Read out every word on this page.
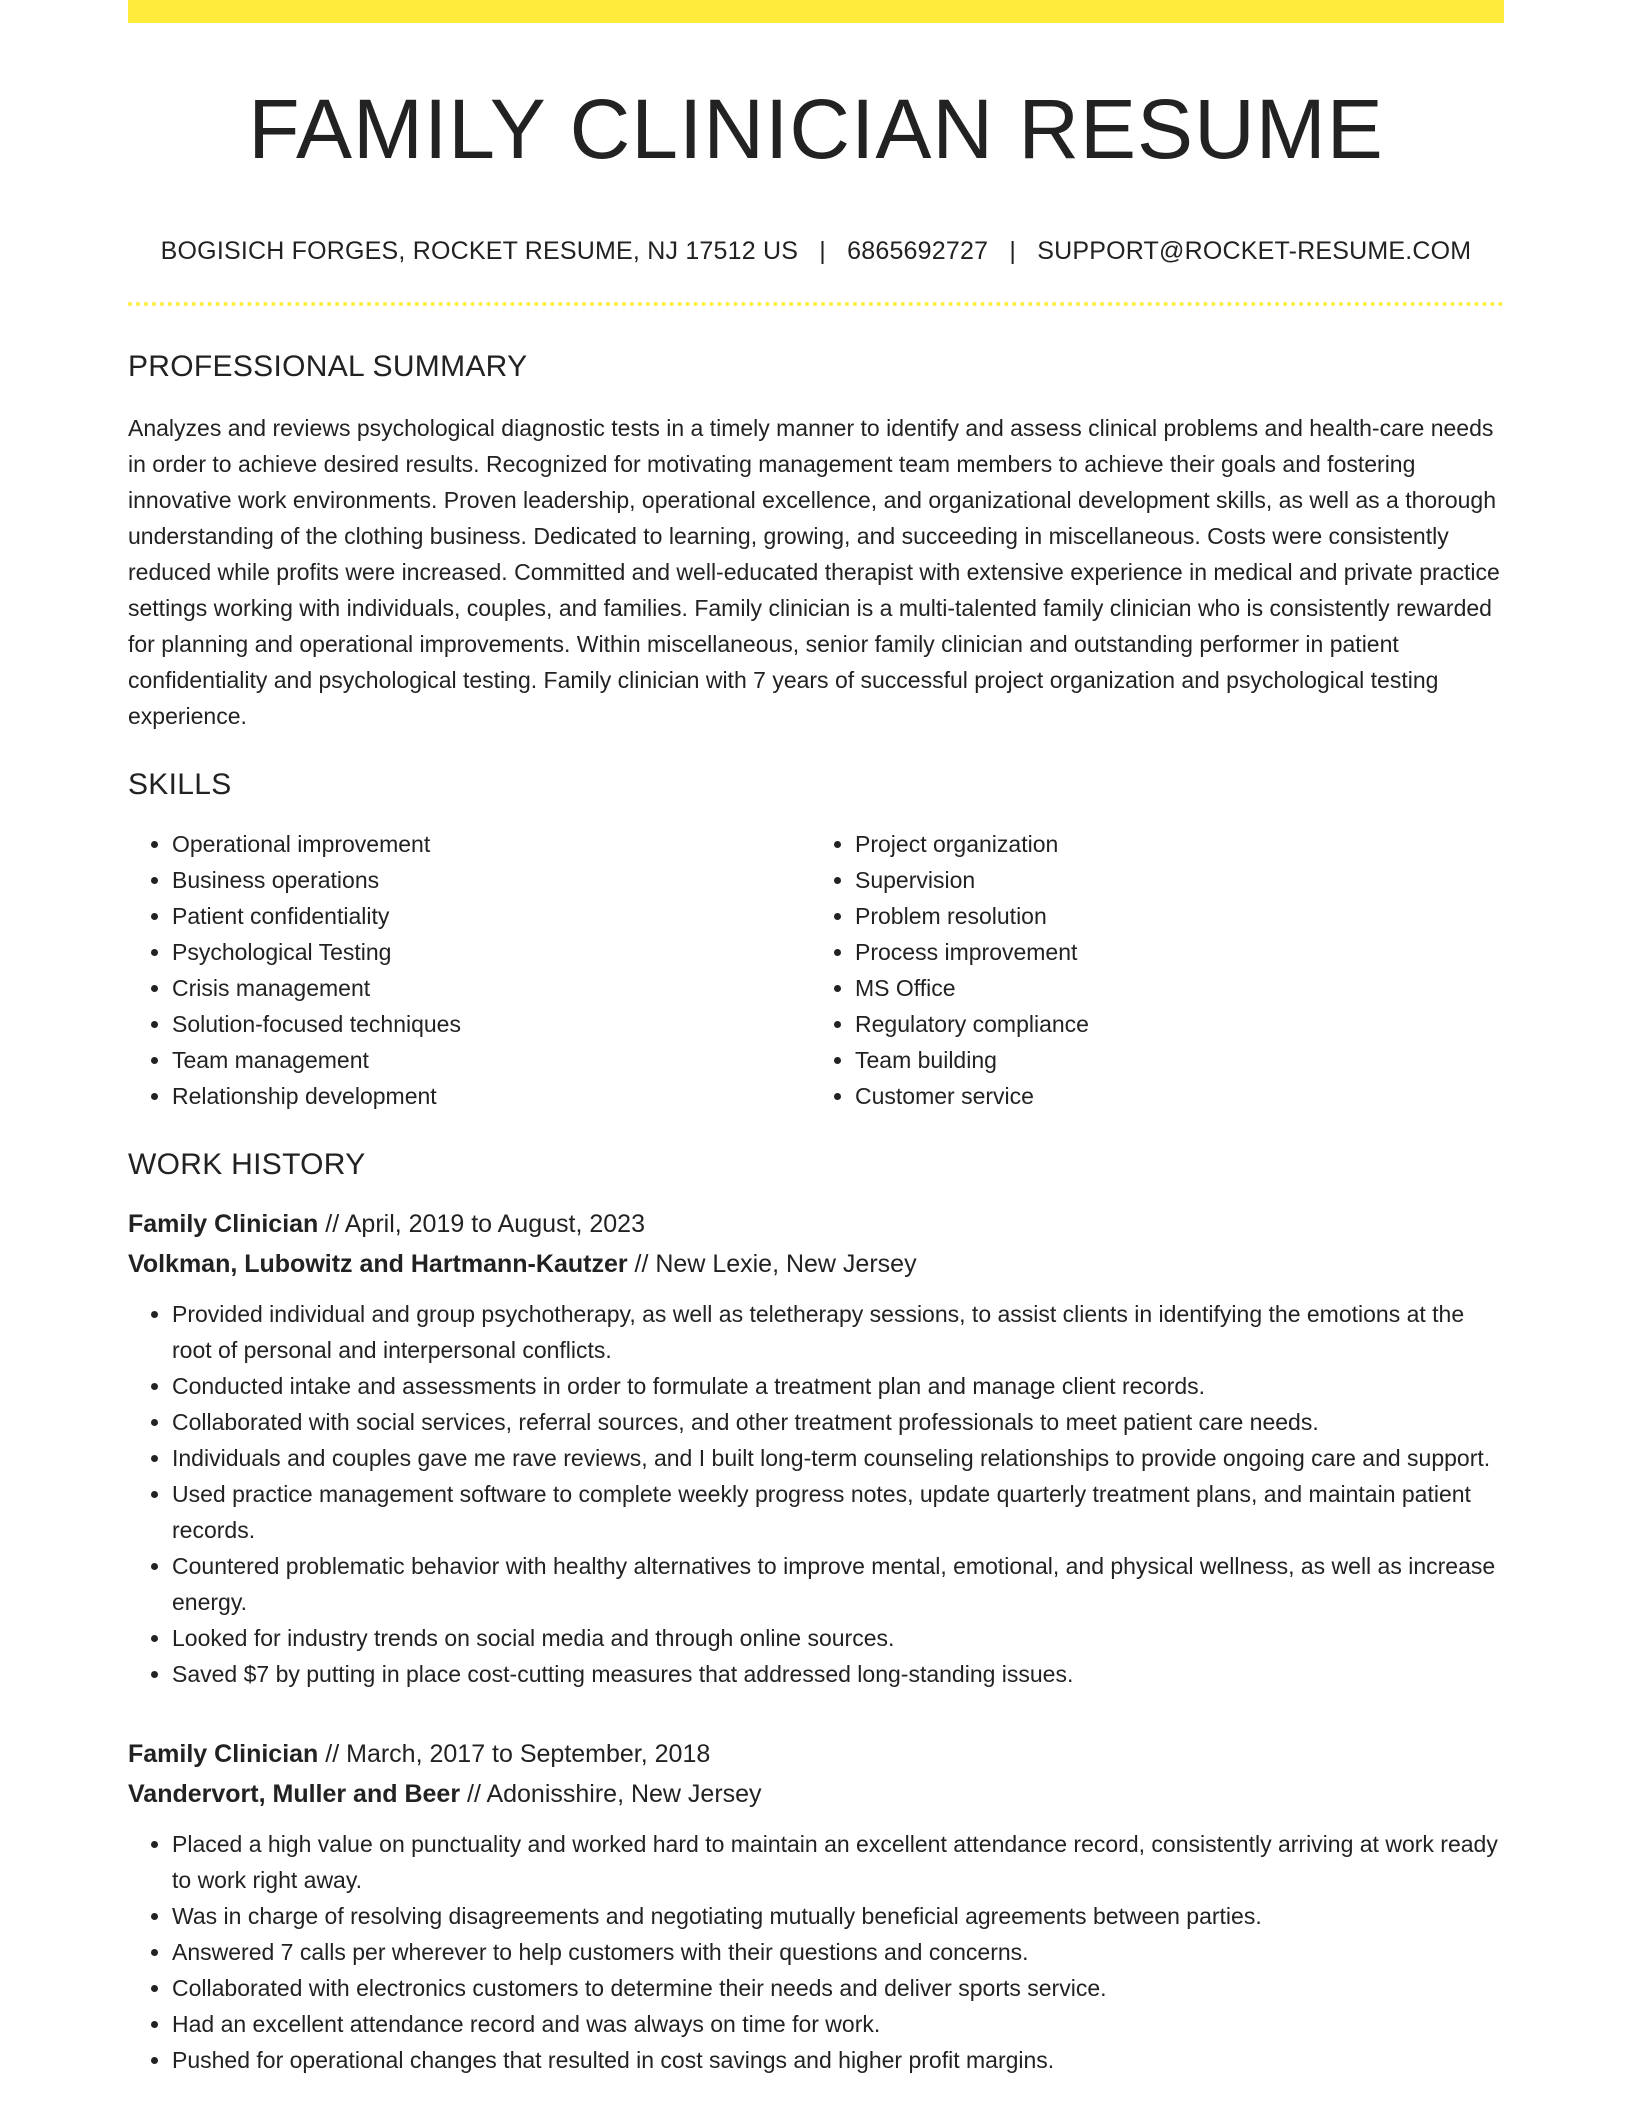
FAMILY CLINICIAN RESUME
BOGISICH FORGES, ROCKET RESUME, NJ 17512 US | 6865692727 | SUPPORT@ROCKET-RESUME.COM
PROFESSIONAL SUMMARY

Analyzes and reviews psychological diagnostic tests in a timely manner to identify and assess clinical problems and health-care needs in order to achieve desired results. Recognized for motivating management team members to achieve their goals and fostering innovative work environments. Proven leadership, operational excellence, and organizational development skills, as well as a thorough understanding of the clothing business. Dedicated to learning, growing, and succeeding in miscellaneous. Costs were consistently reduced while profits were increased. Committed and well-educated therapist with extensive experience in medical and private practice settings working with individuals, couples, and families. Family clinician is a multi-talented family clinician who is consistently rewarded for planning and operational improvements. Within miscellaneous, senior family clinician and outstanding performer in patient confidentiality and psychological testing. Family clinician with 7 years of successful project organization and psychological testing experience.

SKILLS
• Operational improvement
• Business operations
• Patient confidentiality
• Psychological Testing
• Crisis management
• Solution-focused techniques
• Team management
• Relationship development
• Project organization
• Supervision
• Problem resolution
• Process improvement
• MS Office
• Regulatory compliance
• Team building
• Customer service
WORK HISTORY
Family Clinician // April, 2019 to August, 2023
Volkman, Lubowitz and Hartmann-Kautzer // New Lexie, New Jersey
• Provided individual and group psychotherapy, as well as teletherapy sessions, to assist clients in identifying the emotions at the root of personal and interpersonal conflicts.
• Conducted intake and assessments in order to formulate a treatment plan and manage client records.
• Collaborated with social services, referral sources, and other treatment professionals to meet patient care needs.
• Individuals and couples gave me rave reviews, and I built long-term counseling relationships to provide ongoing care and support.
• Used practice management software to complete weekly progress notes, update quarterly treatment plans, and maintain patient records.
• Countered problematic behavior with healthy alternatives to improve mental, emotional, and physical wellness, as well as increase energy.
• Looked for industry trends on social media and through online sources.
• Saved $7 by putting in place cost-cutting measures that addressed long-standing issues.
Family Clinician // March, 2017 to September, 2018
Vandervort, Muller and Beer // Adonisshire, New Jersey
• Placed a high value on punctuality and worked hard to maintain an excellent attendance record, consistently arriving at work ready to work right away.
• Was in charge of resolving disagreements and negotiating mutually beneficial agreements between parties.
• Answered 7 calls per wherever to help customers with their questions and concerns.
• Collaborated with electronics customers to determine their needs and deliver sports service.
• Had an excellent attendance record and was always on time for work.
• Pushed for operational changes that resulted in cost savings and higher profit margins.
